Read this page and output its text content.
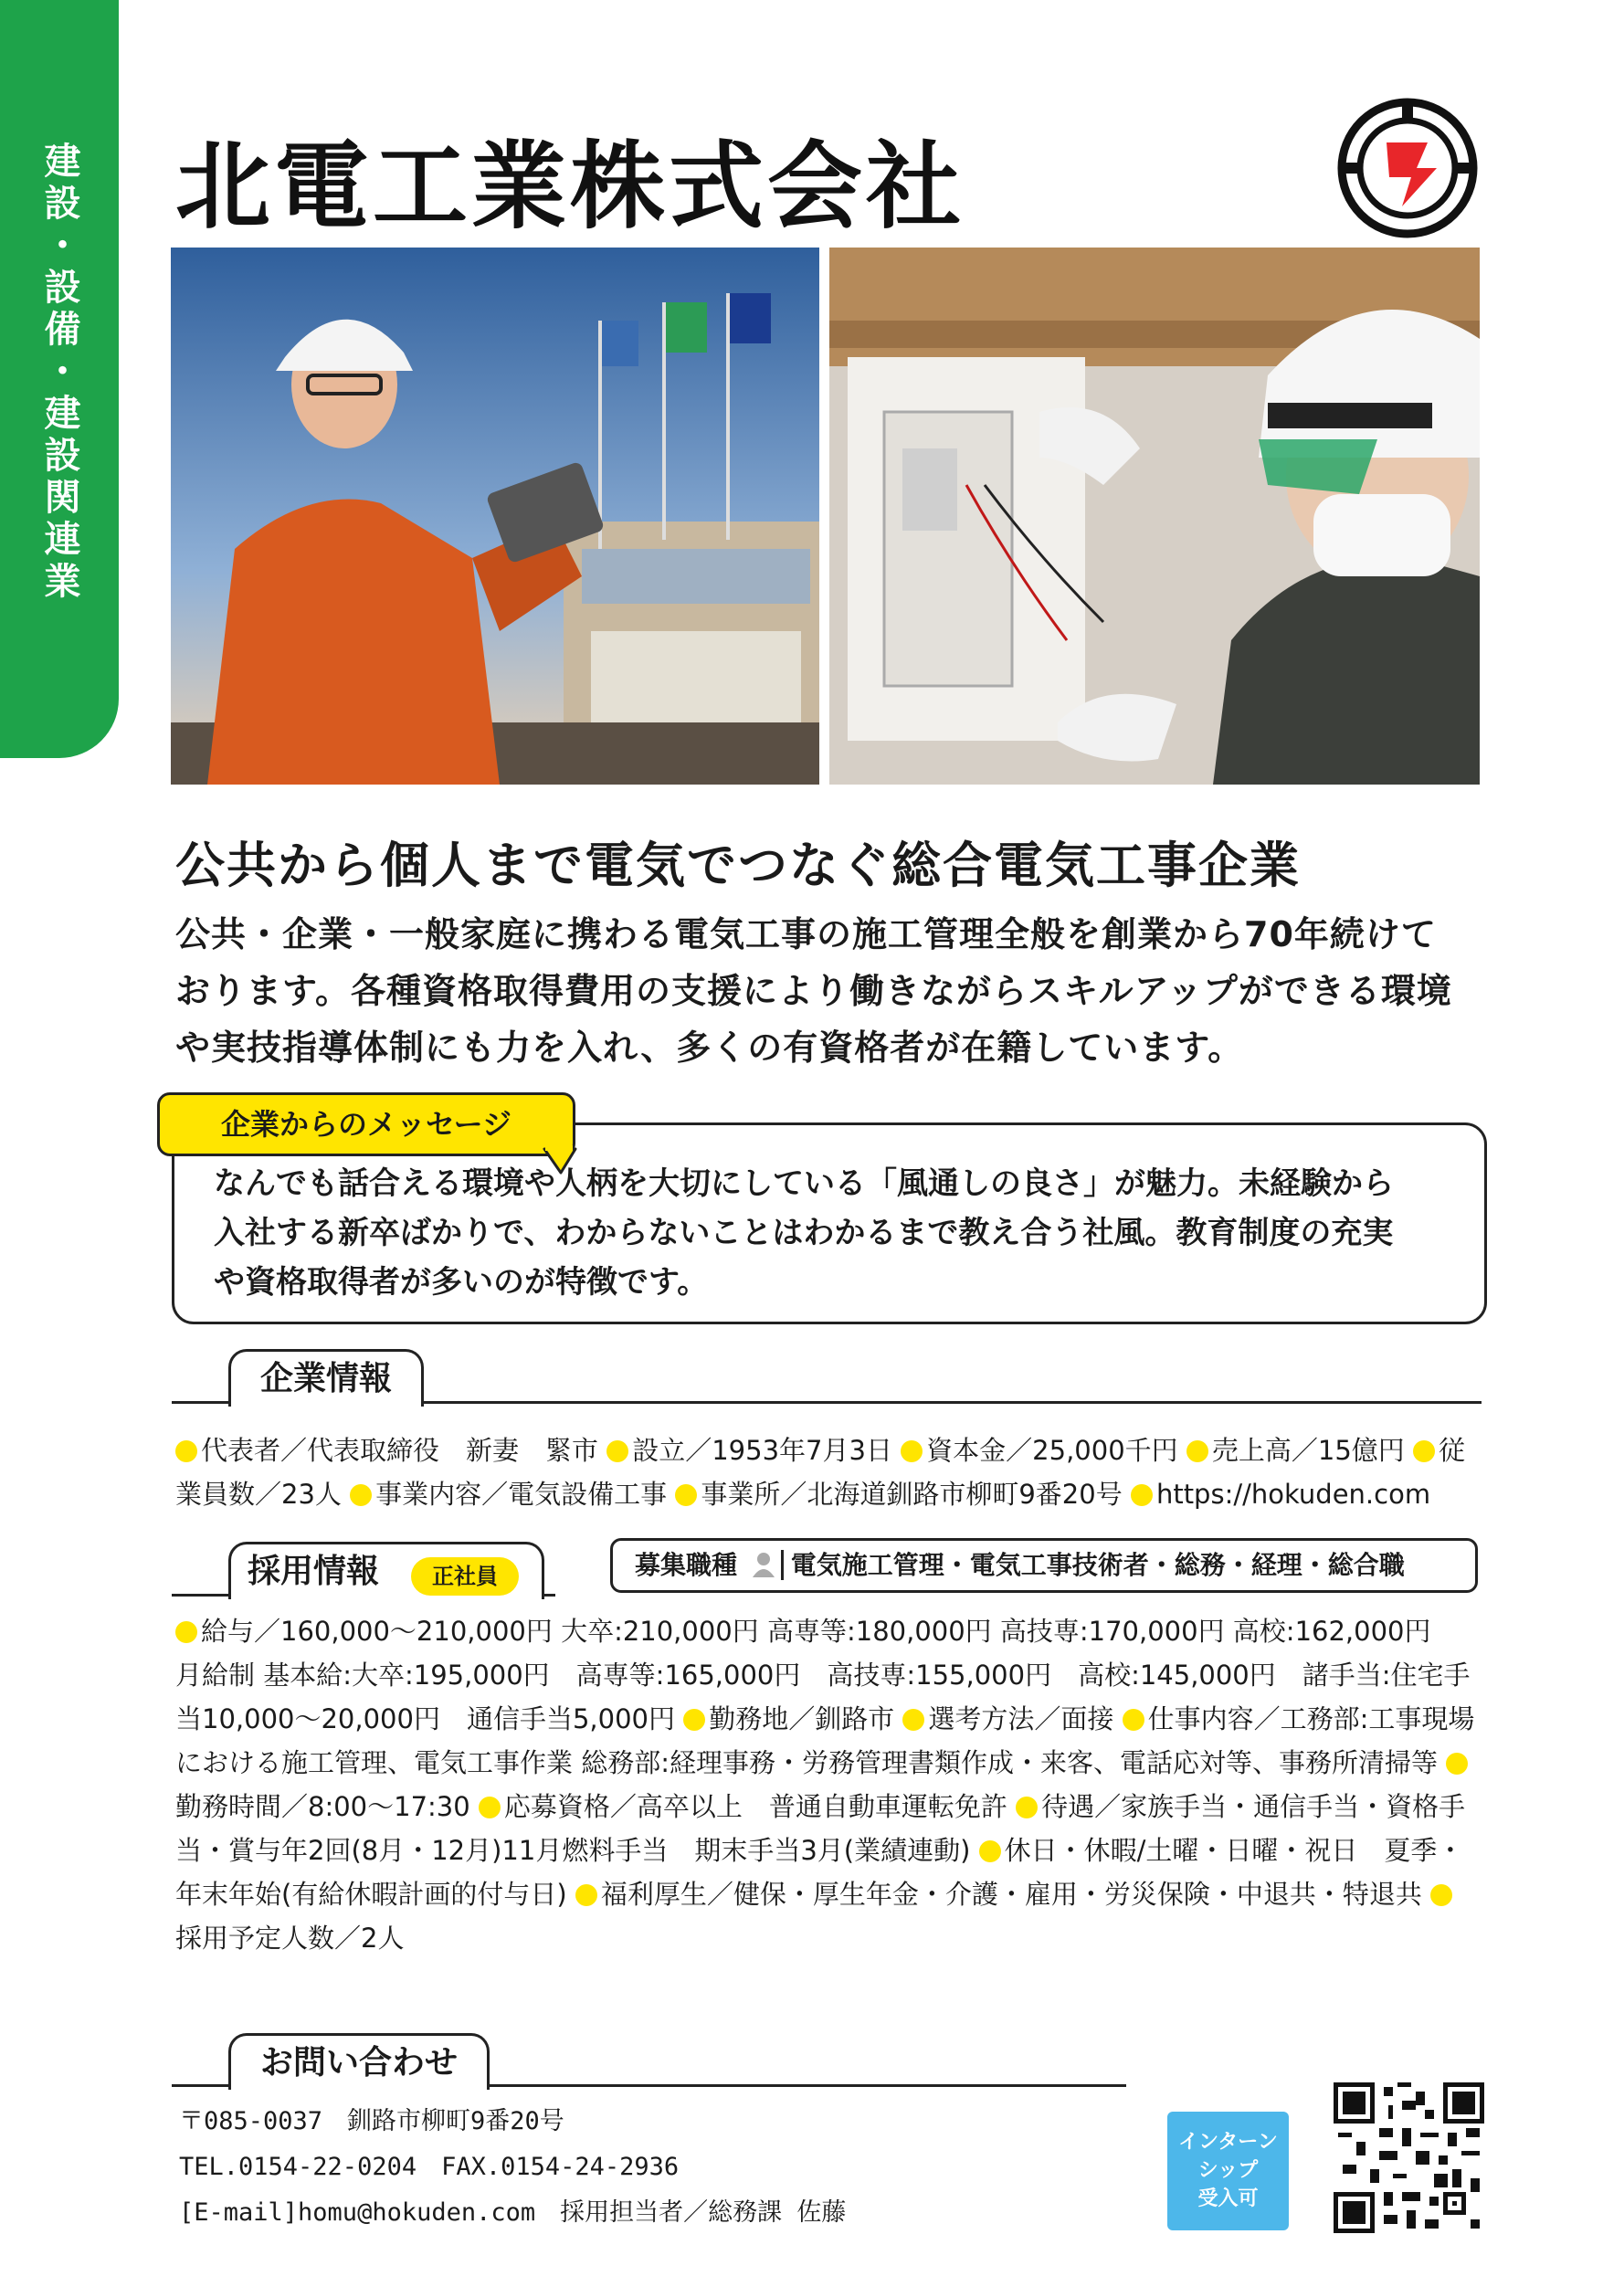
建設・設備・建設関連業 北電工業株式会社
公共から個人まで電気でつなぐ総合電気工事企業
公共・企業・一般家庭に携わる電気工事の施工管理全般を創業から70年続けて
おります。各種資格取得費用の支援により働きながらスキルアップができる環境
や実技指導体制にも力を入れ、多くの有資格者が在籍しています。
企業からのメッセージ
なんでも話合える環境や人柄を大切にしている「風通しの良さ」が魅力。未経験から
入社する新卒ばかりで、わからないことはわかるまで教え合う社風。教育制度の充実
や資格取得者が多いのが特徴です。
企業情報
代表者／代表取締役　新妻　緊市 設立／1953年7月3日 資本金／25,000千円 売上高／15億円 従業員数／23人 事業内容／電気設備工事 事業所／北海道釧路市柳町9番20号 https://hokuden.com
採用情報	正社員	募集職種 電気施工管理・電気工事技術者・総務・経理・総合職
給与／160,000〜210,000円 大卒:210,000円 高専等:180,000円 高技専:170,000円 高校:162,000円　月給制 基本給:大卒:195,000円　高専等:165,000円　高技専:155,000円　高校:145,000円　諸手当:住宅手当10,000〜20,000円　通信手当5,000円 勤務地／釧路市 選考方法／面接 仕事内容／工務部:工事現場における施工管理、電気工事作業 総務部:経理事務・労務管理書類作成・来客、電話応対等、事務所清掃等 勤務時間／8:00〜17:30 応募資格／高卒以上　普通自動車運転免許 待遇／家族手当・通信手当・資格手当・賞与年2回(8月・12月)11月燃料手当　期末手当3月(業績連動) 休日・休暇/土曜・日曜・祝日　夏季・年末年始(有給休暇計画的付与日) 福利厚生／健保・厚生年金・介護・雇用・労災保険・中退共・特退共 採用予定人数／2人
お問い合わせ
〒085-0037　釧路市柳町9番20号
TEL.0154-22-0204　FAX.0154-24-2936
[E-mail]homu@hokuden.com　採用担当者／総務課 佐藤
インターン
シップ
受入可
